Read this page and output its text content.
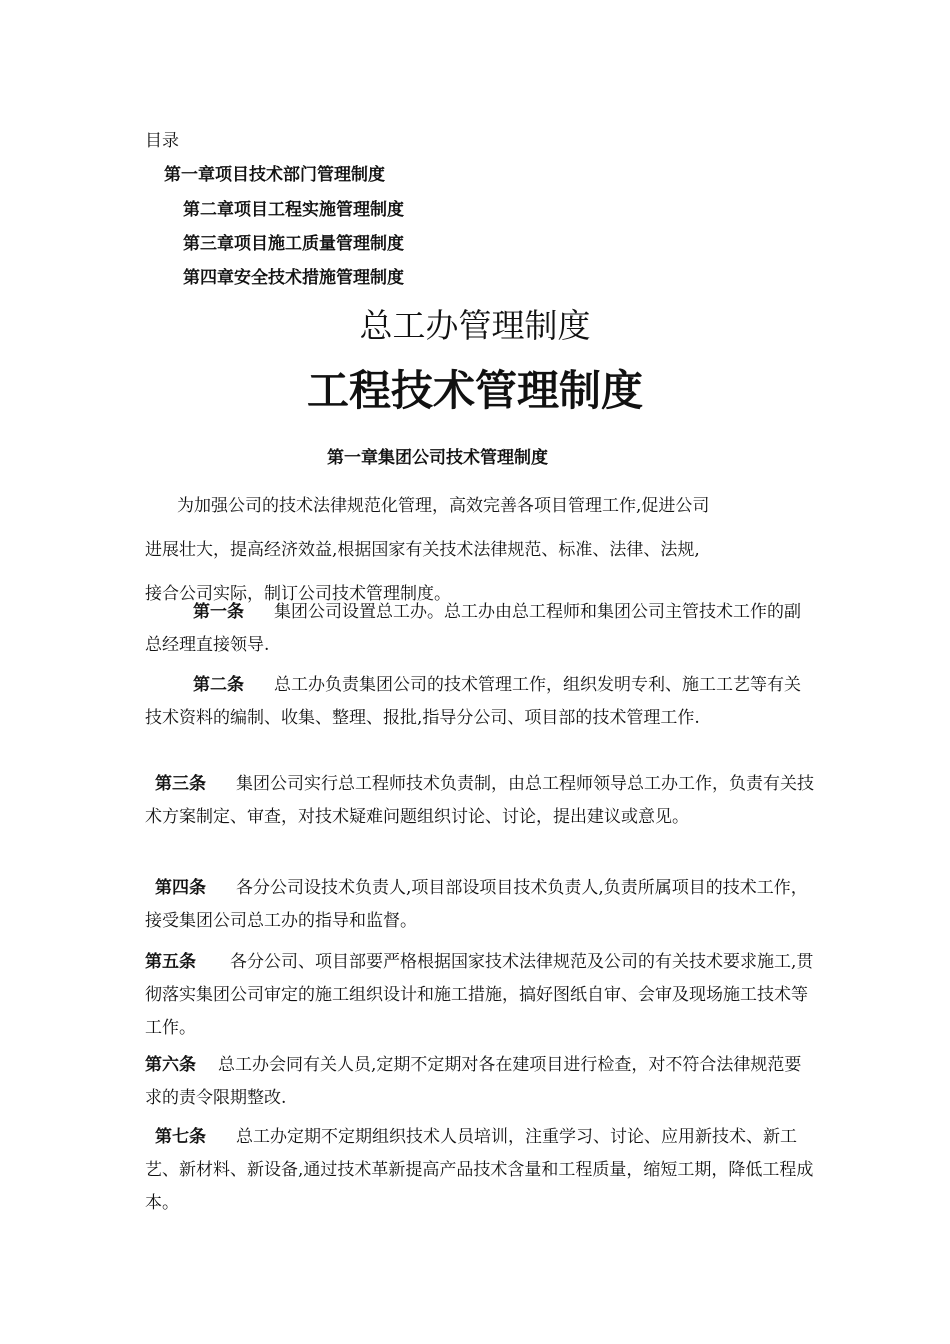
目录
第一章项目技术部门管理制度
第二章项目工程实施管理制度
第三章项目施工质量管理制度
第四章安全技术措施管理制度
总工办管理制度
工程技术管理制度
第一章集团公司技术管理制度
为加强公司的技术法律规范化管理，高效完善各项目管理工作,促进公司
进展壮大，提高经济效益,根据国家有关技术法律规范、标准、法律、法规,
接合公司实际，制订公司技术管理制度。
第一条 集团公司设置总工办。总工办由总工程师和集团公司主管技术工作的副总经理直接领导.
第二条 总工办负责集团公司的技术管理工作，组织发明专利、施工工艺等有关技术资料的编制、收集、整理、报批,指导分公司、项目部的技术管理工作.
第三条 集团公司实行总工程师技术负责制，由总工程师领导总工办工作，负责有关技术方案制定、审查，对技术疑难问题组织讨论、讨论，提出建议或意见。
第四条 各分公司设技术负责人,项目部设项目技术负责人,负责所属项目的技术工作，接受集团公司总工办的指导和监督。
第五条 各分公司、项目部要严格根据国家技术法律规范及公司的有关技术要求施工,贯彻落实集团公司审定的施工组织设计和施工措施，搞好图纸自审、会审及现场施工技术等工作。
第六条 总工办会同有关人员,定期不定期对各在建项目进行检查，对不符合法律规范要求的责令限期整改.
第七条 总工办定期不定期组织技术人员培训，注重学习、讨论、应用新技术、新工艺、新材料、新设备,通过技术革新提高产品技术含量和工程质量，缩短工期，降低工程成本。
